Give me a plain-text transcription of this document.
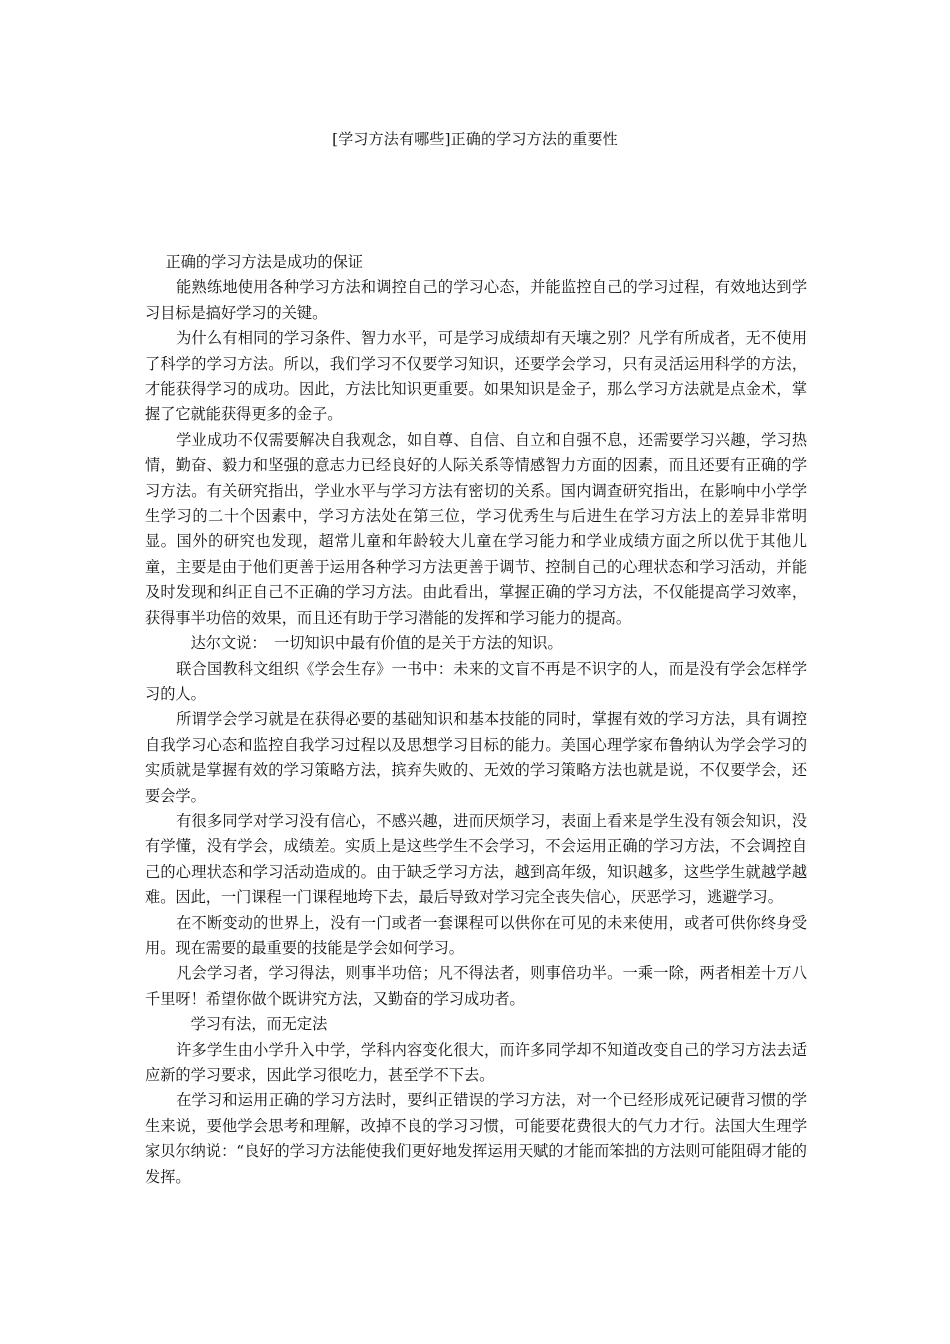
[学习方法有哪些]正确的学习方法的重要性

正确的学习方法是成功的保证

能熟练地使用各种学习方法和调控自己的学习心态，并能监控自己的学习过程，有效地达到学习目标是搞好学习的关键。

为什么有相同的学习条件、智力水平，可是学习成绩却有天壤之别？凡学有所成者，无不使用了科学的学习方法。所以，我们学习不仅要学习知识，还要学会学习，只有灵活运用科学的方法，才能获得学习的成功。因此，方法比知识更重要。如果知识是金子，那么学习方法就是点金术，掌握了它就能获得更多的金子。

学业成功不仅需要解决自我观念，如自尊、自信、自立和自强不息，还需要学习兴趣，学习热情，勤奋、毅力和坚强的意志力已经良好的人际关系等情感智力方面的因素，而且还要有正确的学习方法。有关研究指出，学业水平与学习方法有密切的关系。国内调查研究指出，在影响中小学学生学习的二十个因素中，学习方法处在第三位，学习优秀生与后进生在学习方法上的差异非常明显。国外的研究也发现，超常儿童和年龄较大儿童在学习能力和学业成绩方面之所以优于其他儿童，主要是由于他们更善于运用各种学习方法更善于调节、控制自己的心理状态和学习活动，并能及时发现和纠正自己不正确的学习方法。由此看出，掌握正确的学习方法，不仅能提高学习效率，获得事半功倍的效果，而且还有助于学习潜能的发挥和学习能力的提高。

达尔文说：　一切知识中最有价值的是关于方法的知识。

联合国教科文组织《学会生存》一书中：未来的文盲不再是不识字的人，而是没有学会怎样学习的人。

所谓学会学习就是在获得必要的基础知识和基本技能的同时，掌握有效的学习方法，具有调控自我学习心态和监控自我学习过程以及思想学习目标的能力。美国心理学家布鲁纳认为学会学习的实质就是掌握有效的学习策略方法，摈弃失败的、无效的学习策略方法也就是说，不仅要学会，还要会学。

有很多同学对学习没有信心，不感兴趣，进而厌烦学习，表面上看来是学生没有领会知识，没有学懂，没有学会，成绩差。实质上是这些学生不会学习，不会运用正确的学习方法，不会调控自己的心理状态和学习活动造成的。由于缺乏学习方法，越到高年级，知识越多，这些学生就越学越难。因此，一门课程一门课程地垮下去，最后导致对学习完全丧失信心，厌恶学习，逃避学习。

在不断变动的世界上，没有一门或者一套课程可以供你在可见的未来使用，或者可供你终身受用。现在需要的最重要的技能是学会如何学习。

凡会学习者，学习得法，则事半功倍；凡不得法者，则事倍功半。一乘一除，两者相差十万八千里呀！希望你做个既讲究方法，又勤奋的学习成功者。

学习有法，而无定法

许多学生由小学升入中学，学科内容变化很大，而许多同学却不知道改变自己的学习方法去适应新的学习要求，因此学习很吃力，甚至学不下去。

在学习和运用正确的学习方法时，要纠正错误的学习方法，对一个已经形成死记硬背习惯的学生来说，要他学会思考和理解，改掉不良的学习习惯，可能要花费很大的气力才行。法国大生理学家贝尔纳说：“良好的学习方法能使我们更好地发挥运用天赋的才能而笨拙的方法则可能阻碍才能的发挥。
